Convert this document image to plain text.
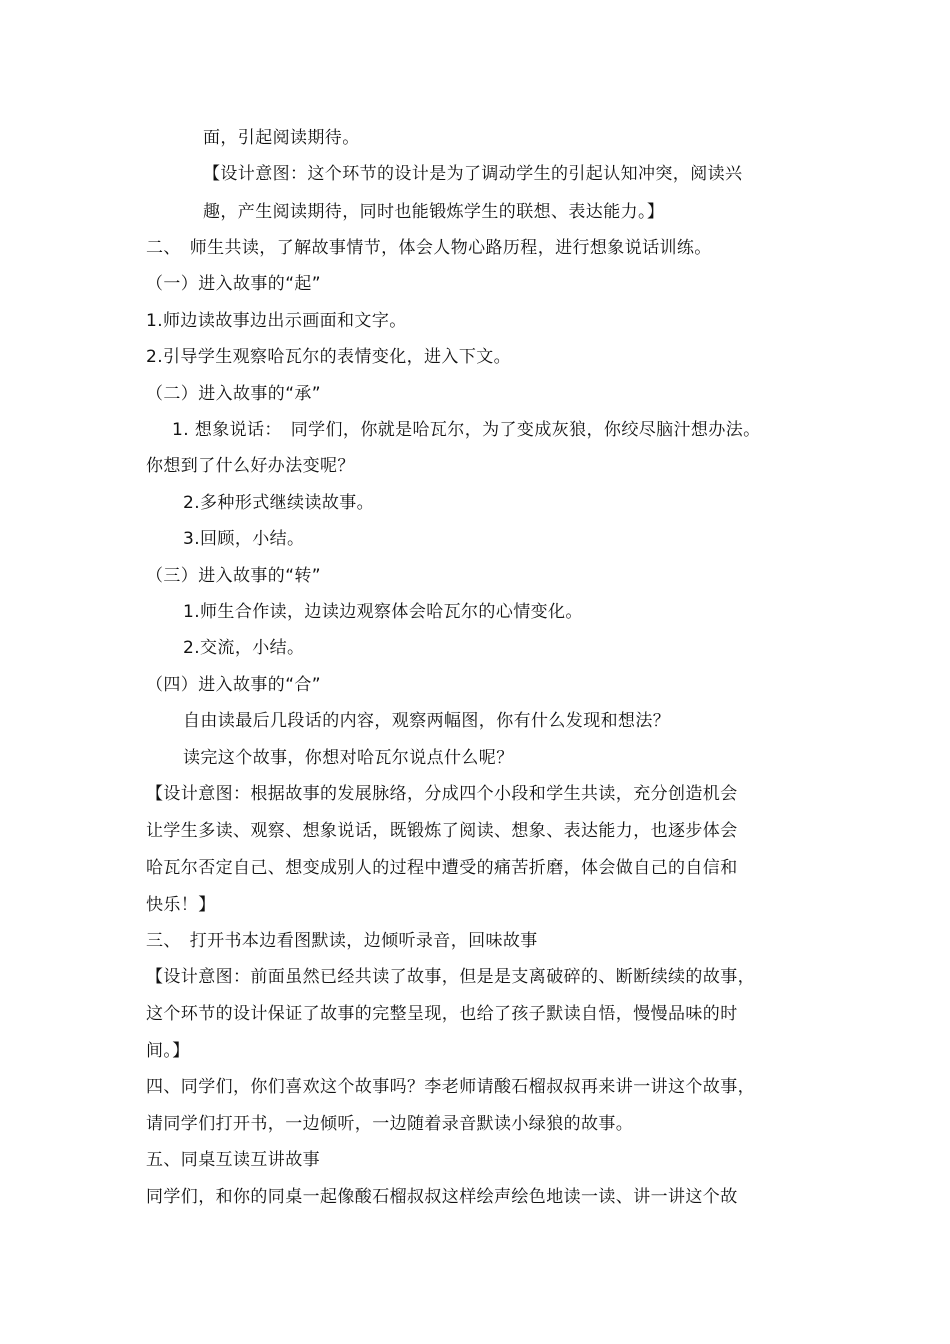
面，引起阅读期待。
【设计意图：这个环节的设计是为了调动学生的引起认知冲突，阅读兴
趣，产生阅读期待，同时也能锻炼学生的联想、表达能力。】
二、　师生共读，了解故事情节，体会人物心路历程，进行想象说话训练。
（一）进入故事的“起”
1.师边读故事边出示画面和文字。
2.引导学生观察哈瓦尔的表情变化，进入下文。
（二）进入故事的“承”
1. 想象说话：　同学们，你就是哈瓦尔，为了变成灰狼，你绞尽脑汁想办法。
你想到了什么好办法变呢？
2.多种形式继续读故事。
3.回顾，小结。
（三）进入故事的“转”
1.师生合作读，边读边观察体会哈瓦尔的心情变化。
2.交流，小结。
（四）进入故事的“合”
自由读最后几段话的内容，观察两幅图，你有什么发现和想法？
读完这个故事，你想对哈瓦尔说点什么呢？
【设计意图：根据故事的发展脉络，分成四个小段和学生共读，充分创造机会
让学生多读、观察、想象说话，既锻炼了阅读、想象、表达能力，也逐步体会
哈瓦尔否定自己、想变成别人的过程中遭受的痛苦折磨，体会做自己的自信和
快乐！】
三、　打开书本边看图默读，边倾听录音，回味故事
【设计意图：前面虽然已经共读了故事，但是是支离破碎的、断断续续的故事，
这个环节的设计保证了故事的完整呈现，也给了孩子默读自悟，慢慢品味的时
间。】
四、同学们，你们喜欢这个故事吗？李老师请酸石榴叔叔再来讲一讲这个故事，
请同学们打开书，一边倾听，一边随着录音默读小绿狼的故事。
五、同桌互读互讲故事
同学们，和你的同桌一起像酸石榴叔叔这样绘声绘色地读一读、讲一讲这个故
